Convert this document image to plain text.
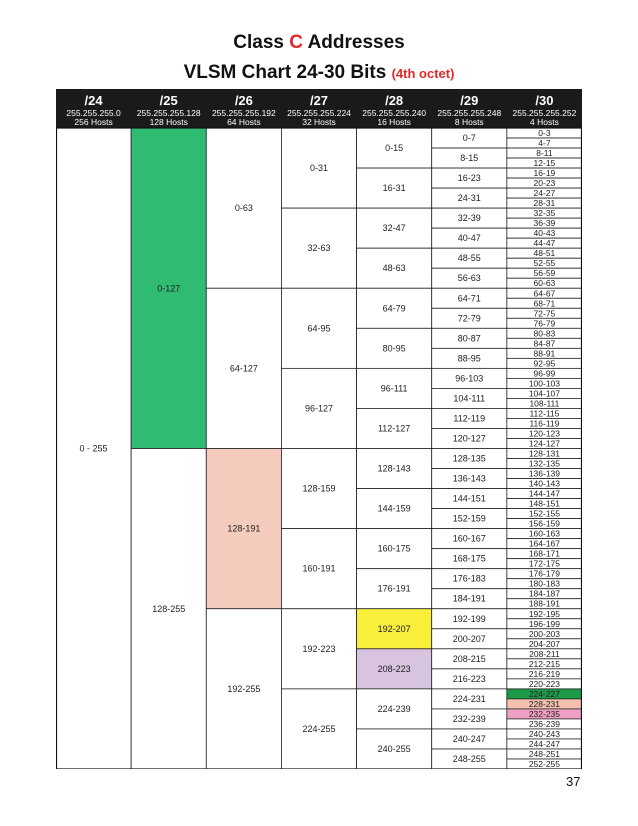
Class C Addresses
VLSM Chart 24-30 Bits (4th octet)
/24
255.255.255.0
256 Hosts
/25
255.255.255.128
128 Hosts
/26
255.255.255.192
64 Hosts
/27
255.255.255.224
32 Hosts
/28
255.255.255.240
16 Hosts
/29
255.255.255.248
8 Hosts
/30
255.255.255.252
4 Hosts
0 - 255
0-127
128-255
0-63
64-127
128-191
192-255
0-31
32-63
64-95
96-127
128-159
160-191
192-223
224-255
0-15
16-31
32-47
48-63
64-79
80-95
96-111
112-127
128-143
144-159
160-175
176-191
192-207
208-223
224-239
240-255
0-7
8-15
16-23
24-31
32-39
40-47
48-55
56-63
64-71
72-79
80-87
88-95
96-103
104-111
112-119
120-127
128-135
136-143
144-151
152-159
160-167
168-175
176-183
184-191
192-199
200-207
208-215
216-223
224-231
232-239
240-247
248-255
0-3
4-7
8-11
12-15
16-19
20-23
24-27
28-31
32-35
36-39
40-43
44-47
48-51
52-55
56-59
60-63
64-67
68-71
72-75
76-79
80-83
84-87
88-91
92-95
96-99
100-103
104-107
108-111
112-115
116-119
120-123
124-127
128-131
132-135
136-139
140-143
144-147
148-151
152-155
156-159
160-163
164-167
168-171
172-175
176-179
180-183
184-187
188-191
192-195
196-199
200-203
204-207
208-211
212-215
216-219
220-223
224-227
228-231
232-235
236-239
240-243
244-247
248-251
252-255
37
